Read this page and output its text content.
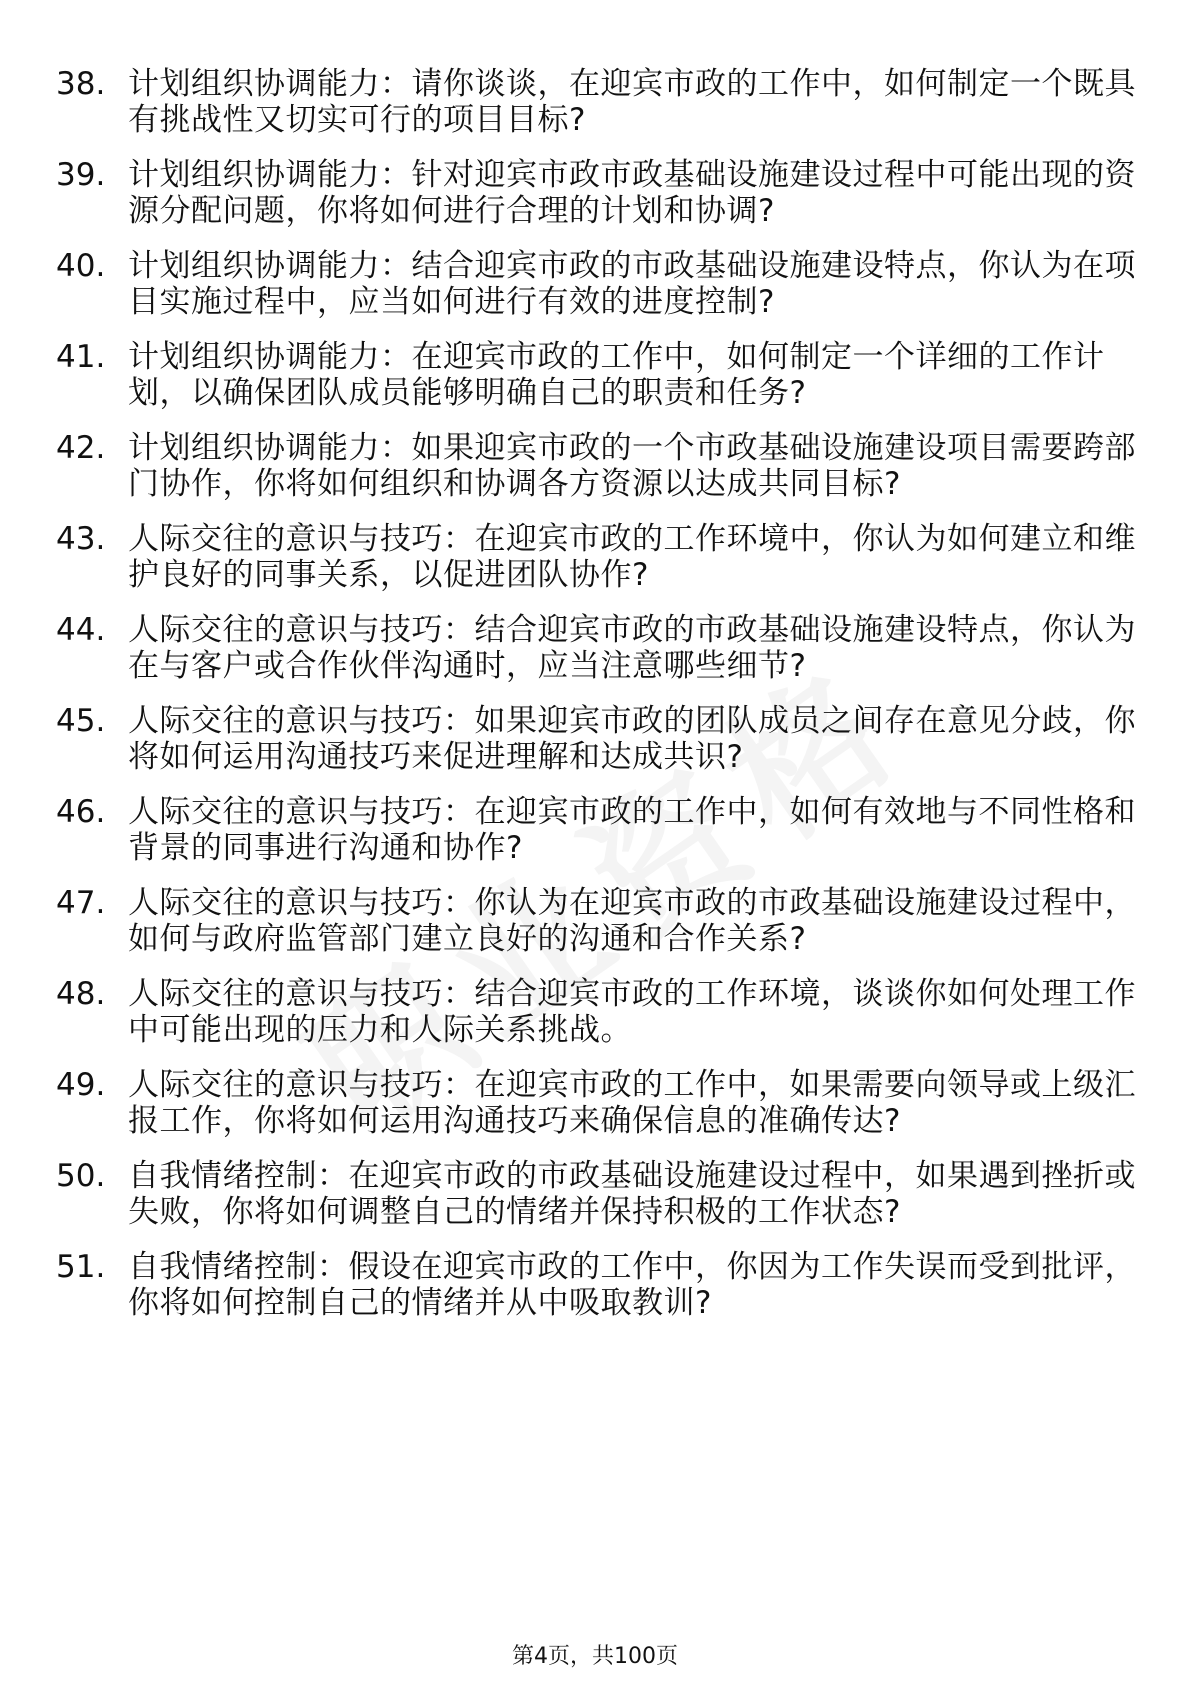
38. 计划组织协调能力：请你谈谈，在迎宾市政的工作中，如何制定一个既具有挑战性又切实可行的项目目标?
39. 计划组织协调能力：针对迎宾市政市政基础设施建设过程中可能出现的资源分配问题，你将如何进行合理的计划和协调?
40. 计划组织协调能力：结合迎宾市政的市政基础设施建设特点，你认为在项目实施过程中，应当如何进行有效的进度控制?
41. 计划组织协调能力：在迎宾市政的工作中，如何制定一个详细的工作计划，以确保团队成员能够明确自己的职责和任务?
42. 计划组织协调能力：如果迎宾市政的一个市政基础设施建设项目需要跨部门协作，你将如何组织和协调各方资源以达成共同目标?
43. 人际交往的意识与技巧：在迎宾市政的工作环境中，你认为如何建立和维护良好的同事关系，以促进团队协作?
44. 人际交往的意识与技巧：结合迎宾市政的市政基础设施建设特点，你认为在与客户或合作伙伴沟通时，应当注意哪些细节?
45. 人际交往的意识与技巧：如果迎宾市政的团队成员之间存在意见分歧，你将如何运用沟通技巧来促进理解和达成共识?
46. 人际交往的意识与技巧：在迎宾市政的工作中，如何有效地与不同性格和背景的同事进行沟通和协作?
47. 人际交往的意识与技巧：你认为在迎宾市政的市政基础设施建设过程中，如何与政府监管部门建立良好的沟通和合作关系?
48. 人际交往的意识与技巧：结合迎宾市政的工作环境，谈谈你如何处理工作中可能出现的压力和人际关系挑战。
49. 人际交往的意识与技巧：在迎宾市政的工作中，如果需要向领导或上级汇报工作，你将如何运用沟通技巧来确保信息的准确传达?
50. 自我情绪控制：在迎宾市政的市政基础设施建设过程中，如果遇到挫折或失败，你将如何调整自己的情绪并保持积极的工作状态?
51. 自我情绪控制：假设在迎宾市政的工作中，你因为工作失误而受到批评，你将如何控制自己的情绪并从中吸取教训?
第4页，共100页
